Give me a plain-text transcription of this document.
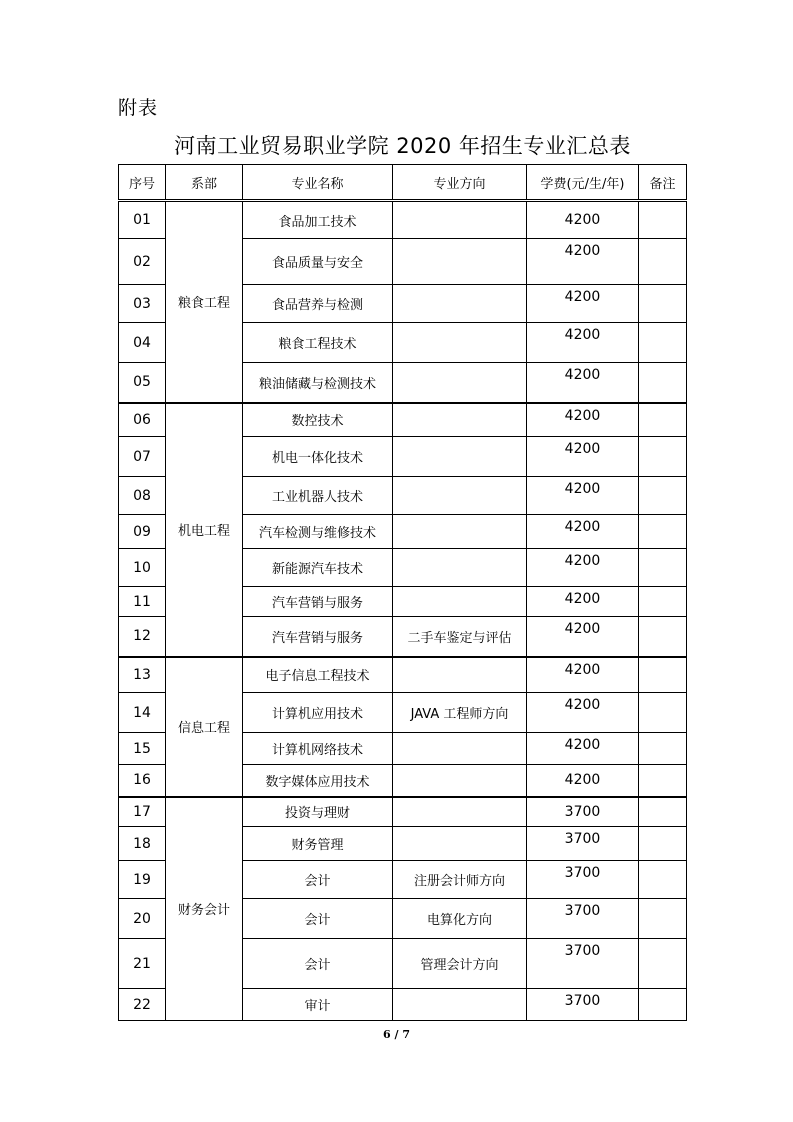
附表
河南工业贸易职业学院 2020 年招生专业汇总表
序号	系部	专业名称	专业方向	学费(元/生/年)	备注
01	粮食工程	食品加工技术		4200	
02		食品质量与安全		4200	
03		食品营养与检测		4200	
04		粮食工程技术		4200	
05		粮油储藏与检测技术		4200	
06	机电工程	数控技术		4200	
07		机电一体化技术		4200	
08		工业机器人技术		4200	
09		汽车检测与维修技术		4200	
10		新能源汽车技术		4200	
11		汽车营销与服务		4200	
12		汽车营销与服务	二手车鉴定与评估	4200	
13	信息工程	电子信息工程技术		4200	
14		计算机应用技术	JAVA 工程师方向	4200	
15		计算机网络技术		4200	
16		数字媒体应用技术		4200	
17	财务会计	投资与理财		3700	
18		财务管理		3700	
19		会计	注册会计师方向	3700	
20		会计	电算化方向	3700	
21		会计	管理会计方向	3700	
22		审计		3700	
6 / 7
